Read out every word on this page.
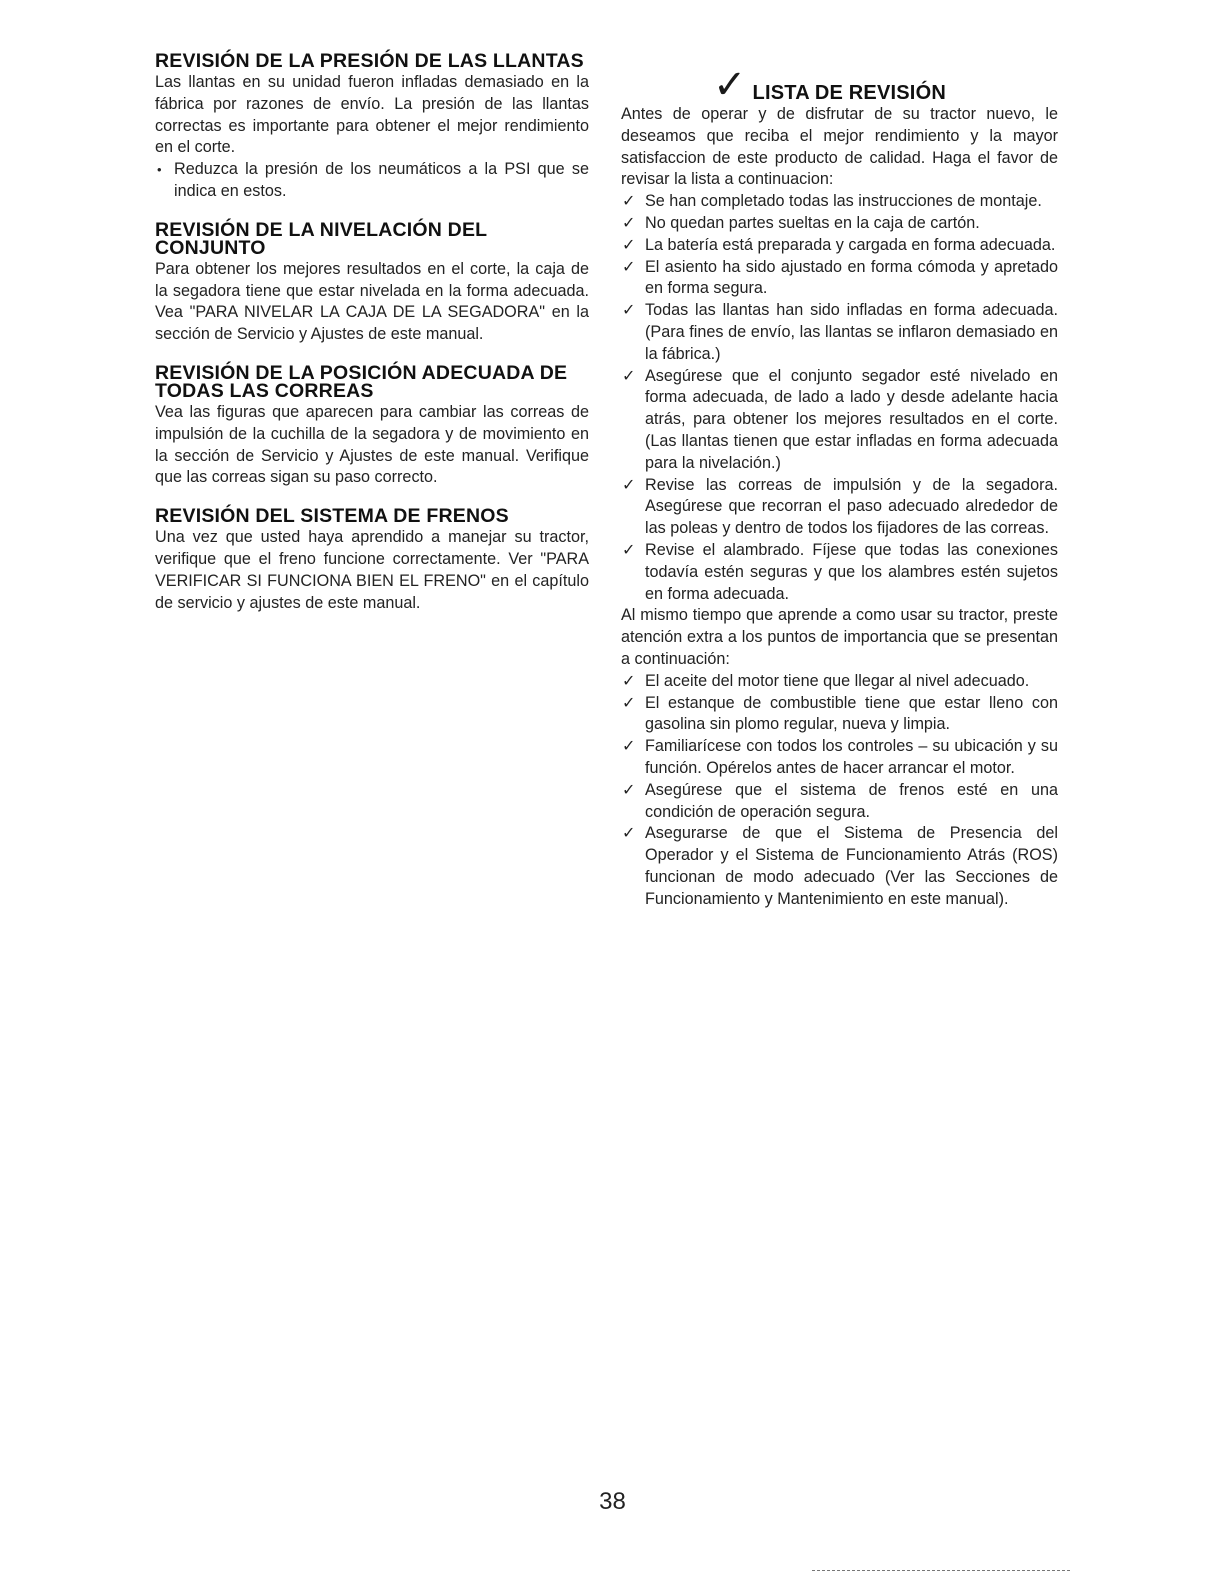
REVISIÓN DE LA PRESIÓN DE LAS LLANTAS

Las llantas en su unidad fueron infladas demasiado en la fábrica por razones de envío. La presión de las llantas correctas es importante para obtener el mejor rendimiento en el corte.

• Reduzca la presión de los neumáticos a la PSI que se indica en estos.
REVISIÓN DE LA NIVELACIÓN DEL CONJUNTO

Para obtener los mejores resultados en el corte, la caja de la segadora tiene que estar nivelada en la forma adecuada. Vea "PARA NIVELAR LA CAJA DE LA SEGADORA" en la sección de Servicio y Ajustes de este manual.

REVISIÓN DE LA POSICIÓN ADECUADA DE TODAS LAS CORREAS

Vea las figuras que aparecen para cambiar las correas de impulsión de la cuchilla de la segadora y de movimiento en la sección de Servicio y Ajustes de este manual. Verifique que las correas sigan su paso correcto.

REVISIÓN DEL SISTEMA DE FRENOS

Una vez que usted haya aprendido a manejar su tractor, verifique que el freno funcione correctamente. Ver "PARA VERIFICAR SI FUNCIONA BIEN EL FRENO" en el capítulo de servicio y ajustes de este manual.

✓ LISTA DE REVISIÓN

Antes de operar y de disfrutar de su tractor nuevo, le deseamos que reciba el mejor rendimiento y la mayor satisfaccion de este producto de calidad. Haga el favor de revisar la lista a continuacion:

✓ Se han completado todas las instrucciones de montaje.
✓ No quedan partes sueltas en la caja de cartón.
✓ La batería está preparada y cargada en forma adecuada.
✓ El asiento ha sido ajustado en forma cómoda y apretado en forma segura.
✓ Todas las llantas han sido infladas en forma adecuada. (Para fines de envío, las llantas se inflaron demasiado en la fábrica.)
✓ Asegúrese que el conjunto segador esté nivelado en forma adecuada, de lado a lado y desde adelante hacia atrás, para obtener los mejores resultados en el corte. (Las llantas tienen que estar infladas en forma adecuada para la nivelación.)
✓ Revise las correas de impulsión y de la segadora. Asegúrese que recorran el paso adecuado alrededor de las poleas y dentro de todos los fijadores de las correas.
✓ Revise el alambrado. Fíjese que todas las conexiones todavía estén seguras y que los alambres estén sujetos en forma adecuada.

Al mismo tiempo que aprende a como usar su tractor, preste atención extra a los puntos de importancia que se presentan a continuación:

✓ El aceite del motor tiene que llegar al nivel adecuado.
✓ El estanque de combustible tiene que estar lleno con gasolina sin plomo regular, nueva y limpia.
✓ Familiarícese con todos los controles – su ubicación y su función. Opérelos antes de hacer arrancar el motor.
✓ Asegúrese que el sistema de frenos esté en una condición de operación segura.
✓ Asegurarse de que el Sistema de Presencia del Operador y el Sistema de Funcionamiento Atrás (ROS) funcionan de modo adecuado (Ver las Secciones de Funcionamiento y Mantenimiento en este manual).
38
